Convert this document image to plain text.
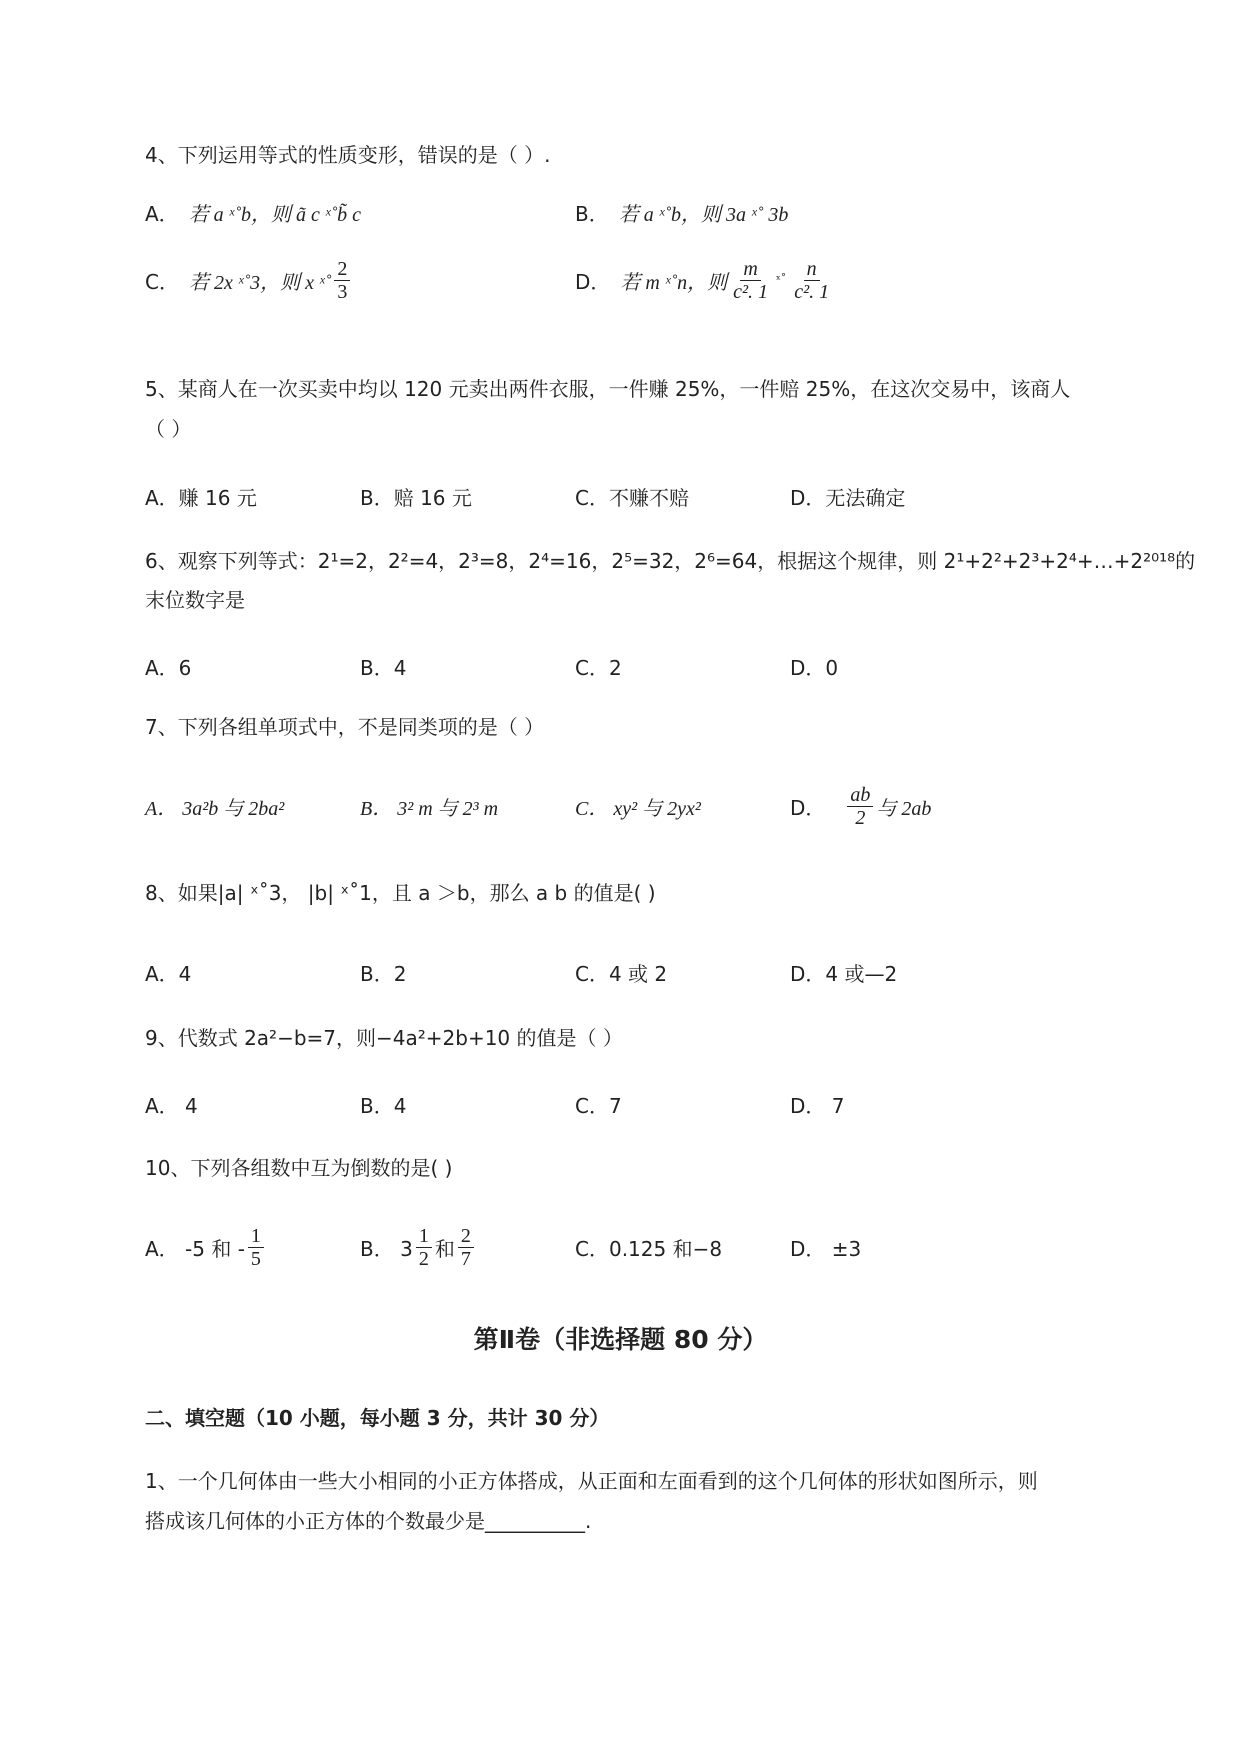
4、下列运用等式的性质变形，错误的是（ ）.
A． 若 a ˣ˚b，则 ã c ˣ˚b̃ c	B． 若 a ˣ˚b，则 3a ˣ˚ 3b
C． 若 2x ˣ˚3，则 x ˣ˚ $\frac{2}{3}$	D． 若 m ˣ˚n，则 $\frac{m}{\text{c². 1}}$ ˣ˚ $\frac{n}{\text{c². 1}}$
5、某商人在一次买卖中均以 120 元卖出两件衣服，一件赚 25%，一件赔 25%，在这次交易中，该商人
（ ）
A．赚 16 元	B．赔 16 元	C．不赚不赔	D．无法确定
6、观察下列等式：2¹=2，2²=4，2³=8，2⁴=16，2⁵=32，2⁶=64，根据这个规律，则 2¹+2²+2³+2⁴+…+2²⁰¹⁸的
末位数字是
A．6	B．4	C．2	D．0
7、下列各组单项式中，不是同类项的是（ ）
A． 3a²b 与 2ba²	B． 3² m 与 2³ m	C． xy² 与 2yx²	D． $\frac{ab}{2}$ 与 2ab
8、如果|a| ˣ˚3， |b| ˣ˚1，且 a ＞b，那么 a b 的值是( )
A．4	B．2	C．4 或 2	D．4 或—2
9、代数式 2a²−b=7，则−4a²+2b+10 的值是（ ）
A． 4	B．4	C．7	D． 7
10、下列各组数中互为倒数的是( )
A． -5 和 - $\frac{1}{5}$	B． $3 \frac{1}{2}$ 和 $\frac{2}{7}$	C．0.125 和−8	D． ±3
第Ⅱ卷（非选择题 80 分）
二、填空题（10 小题，每小题 3 分，共计 30 分）
1、一个几何体由一些大小相同的小正方体搭成，从正面和左面看到的这个几何体的形状如图所示，则
搭成该几何体的小正方体的个数最少是__________.
